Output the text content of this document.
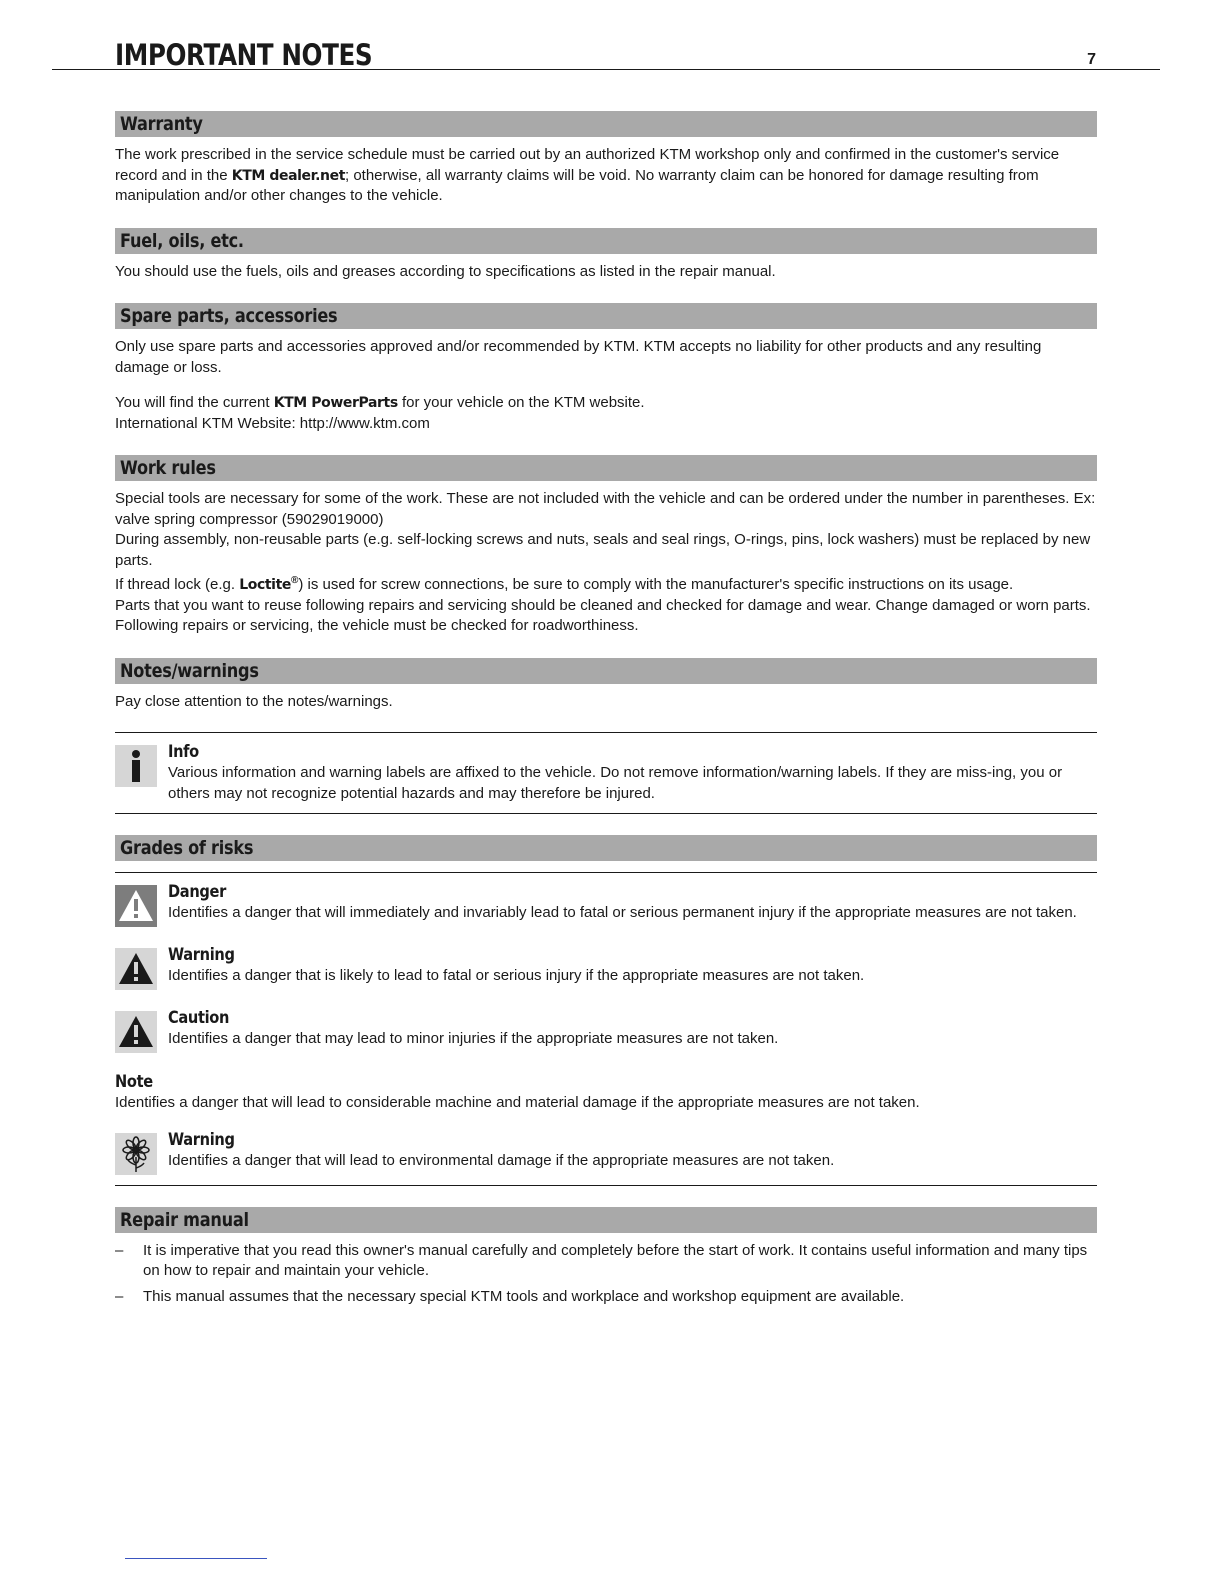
IMPORTANT NOTES	7
Warranty

The work prescribed in the service schedule must be carried out by an authorized KTM workshop only and confirmed in the customer's service record and in the KTM dealer.net; otherwise, all warranty claims will be void. No warranty claim can be honored for damage resulting from manipulation and/or other changes to the vehicle.

Fuel, oils, etc.

You should use the fuels, oils and greases according to specifications as listed in the repair manual.

Spare parts, accessories

Only use spare parts and accessories approved and/or recommended by KTM. KTM accepts no liability for other products and any resulting damage or loss.

You will find the current KTM PowerParts for your vehicle on the KTM website.

International KTM Website: http://www.ktm.com

Work rules

Special tools are necessary for some of the work. These are not included with the vehicle and can be ordered under the number in parentheses. Ex: valve spring compressor (59029019000)

During assembly, non-reusable parts (e.g. self-locking screws and nuts, seals and seal rings, O-rings, pins, lock washers) must be replaced by new parts.

If thread lock (e.g. Loctite®) is used for screw connections, be sure to comply with the manufacturer's specific instructions on its usage.

Parts that you want to reuse following repairs and servicing should be cleaned and checked for damage and wear. Change damaged or worn parts.

Following repairs or servicing, the vehicle must be checked for roadworthiness.

Notes/warnings

Pay close attention to the notes/warnings.

Info

Various information and warning labels are affixed to the vehicle. Do not remove information/warning labels. If they are miss-ing, you or others may not recognize potential hazards and may therefore be injured.

Grades of risks
Danger

Identifies a danger that will immediately and invariably lead to fatal or serious permanent injury if the appropriate measures are not taken.

Warning

Identifies a danger that is likely to lead to fatal or serious injury if the appropriate measures are not taken.

Caution

Identifies a danger that may lead to minor injuries if the appropriate measures are not taken.

Note

Identifies a danger that will lead to considerable machine and material damage if the appropriate measures are not taken.

Warning

Identifies a danger that will lead to environmental damage if the appropriate measures are not taken.

Repair manual
– It is imperative that you read this owner's manual carefully and completely before the start of work. It contains useful information and many tips on how to repair and maintain your vehicle.
– This manual assumes that the necessary special KTM tools and workplace and workshop equipment are available.
